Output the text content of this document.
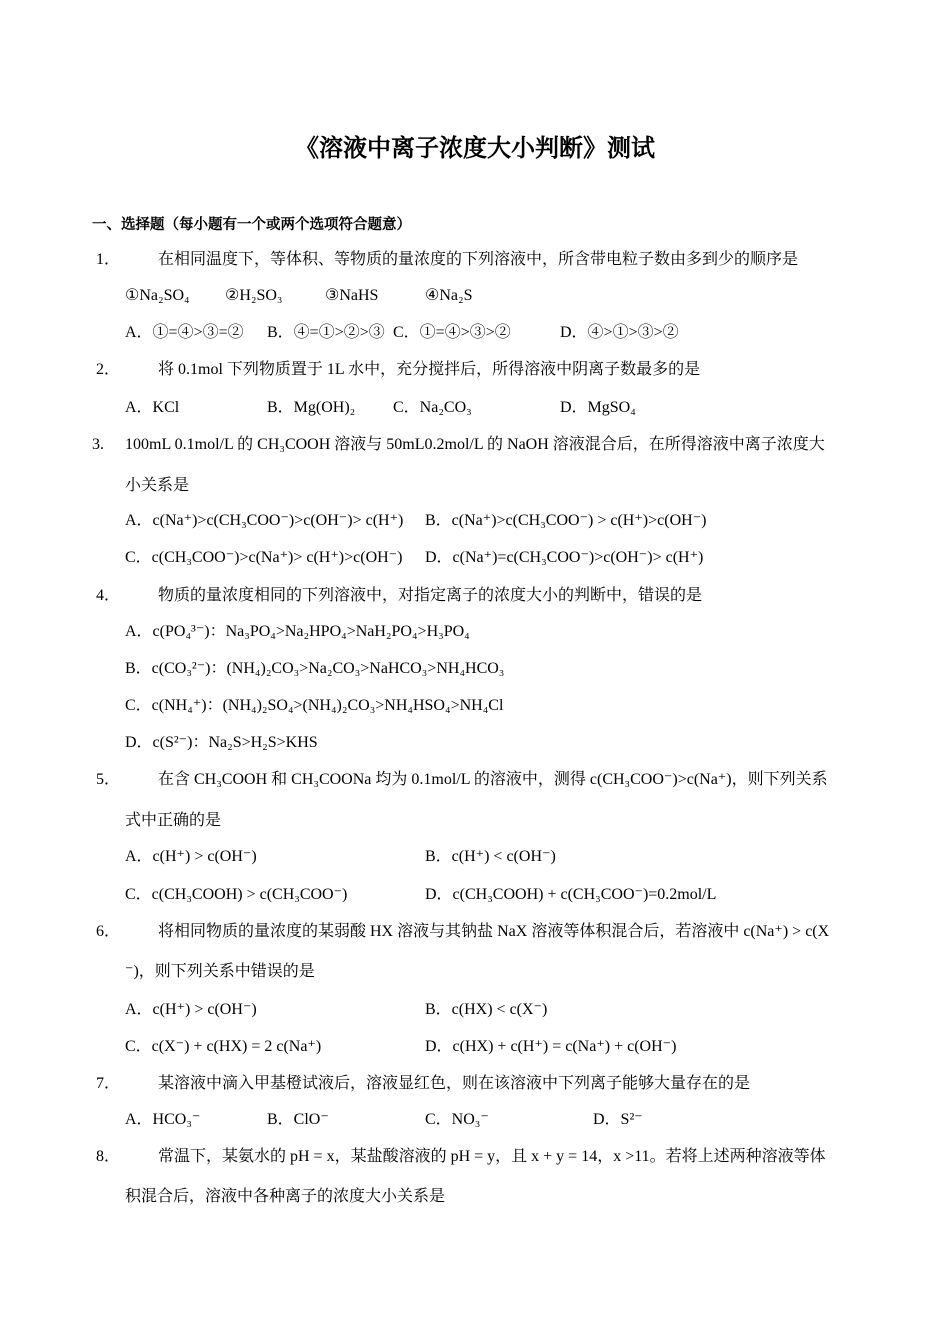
《溶液中离子浓度大小判断》测试
一、选择题（每小题有一个或两个选项符合题意）
1． 在相同温度下，等体积、等物质的量浓度的下列溶液中，所含带电粒子数由多到少的顺序是
①Na₂SO₄ ②H₂SO₃	③NaHS	④Na₂S
A．①=④>③=② B．④=①>②>③ C．①=④>③>②	D．④>①>③>②
2． 将 0.1mol 下列物质置于 1L 水中，充分搅拌后，所得溶液中阴离子数最多的是
A．KCl	B．Mg(OH)₂ C．Na₂CO₃	D．MgSO₄
3. 100mL 0.1mol/L 的 CH₃COOH 溶液与 50mL0.2mol/L 的 NaOH 溶液混合后，在所得溶液中离子浓度大
小关系是
A．c(Na⁺)>c(CH₃COO⁻)>c(OH⁻)> c(H⁺) B．c(Na⁺)>c(CH₃COO⁻) > c(H⁺)>c(OH⁻)
C．c(CH₃COO⁻)>c(Na⁺)> c(H⁺)>c(OH⁻) D．c(Na⁺)=c(CH₃COO⁻)>c(OH⁻)> c(H⁺)
4． 物质的量浓度相同的下列溶液中，对指定离子的浓度大小的判断中，错误的是
A．c(PO₄³⁻)：Na₃PO₄>Na₂HPO₄>NaH₂PO₄>H₃PO₄
B．c(CO₃²⁻)：(NH₄)₂CO₃>Na₂CO₃>NaHCO₃>NH₄HCO₃
C．c(NH₄⁺)：(NH₄)₂SO₄>(NH₄)₂CO₃>NH₄HSO₄>NH₄Cl
D．c(S²⁻)：Na₂S>H₂S>KHS
5． 在含 CH₃COOH 和 CH₃COONa 均为 0.1mol/L 的溶液中，测得 c(CH₃COO⁻)>c(Na⁺)，则下列关系
式中正确的是
A．c(H⁺) > c(OH⁻)	B．c(H⁺) < c(OH⁻)
C．c(CH₃COOH) > c(CH₃COO⁻)	D．c(CH₃COOH) + c(CH₃COO⁻)=0.2mol/L
6． 将相同物质的量浓度的某弱酸 HX 溶液与其钠盐 NaX 溶液等体积混合后，若溶液中 c(Na⁺) > c(X
⁻)，则下列关系中错误的是
A．c(H⁺) > c(OH⁻)	B．c(HX) < c(X⁻)
C．c(X⁻) + c(HX) = 2 c(Na⁺)	D．c(HX) + c(H⁺) = c(Na⁺) + c(OH⁻)
7． 某溶液中滴入甲基橙试液后，溶液显红色，则在该溶液中下列离子能够大量存在的是
A．HCO₃⁻	B．ClO⁻	C．NO₃⁻	D．S²⁻
8． 常温下，某氨水的 pH = x，某盐酸溶液的 pH = y，且 x + y = 14，x >11。若将上述两种溶液等体
积混合后，溶液中各种离子的浓度大小关系是
